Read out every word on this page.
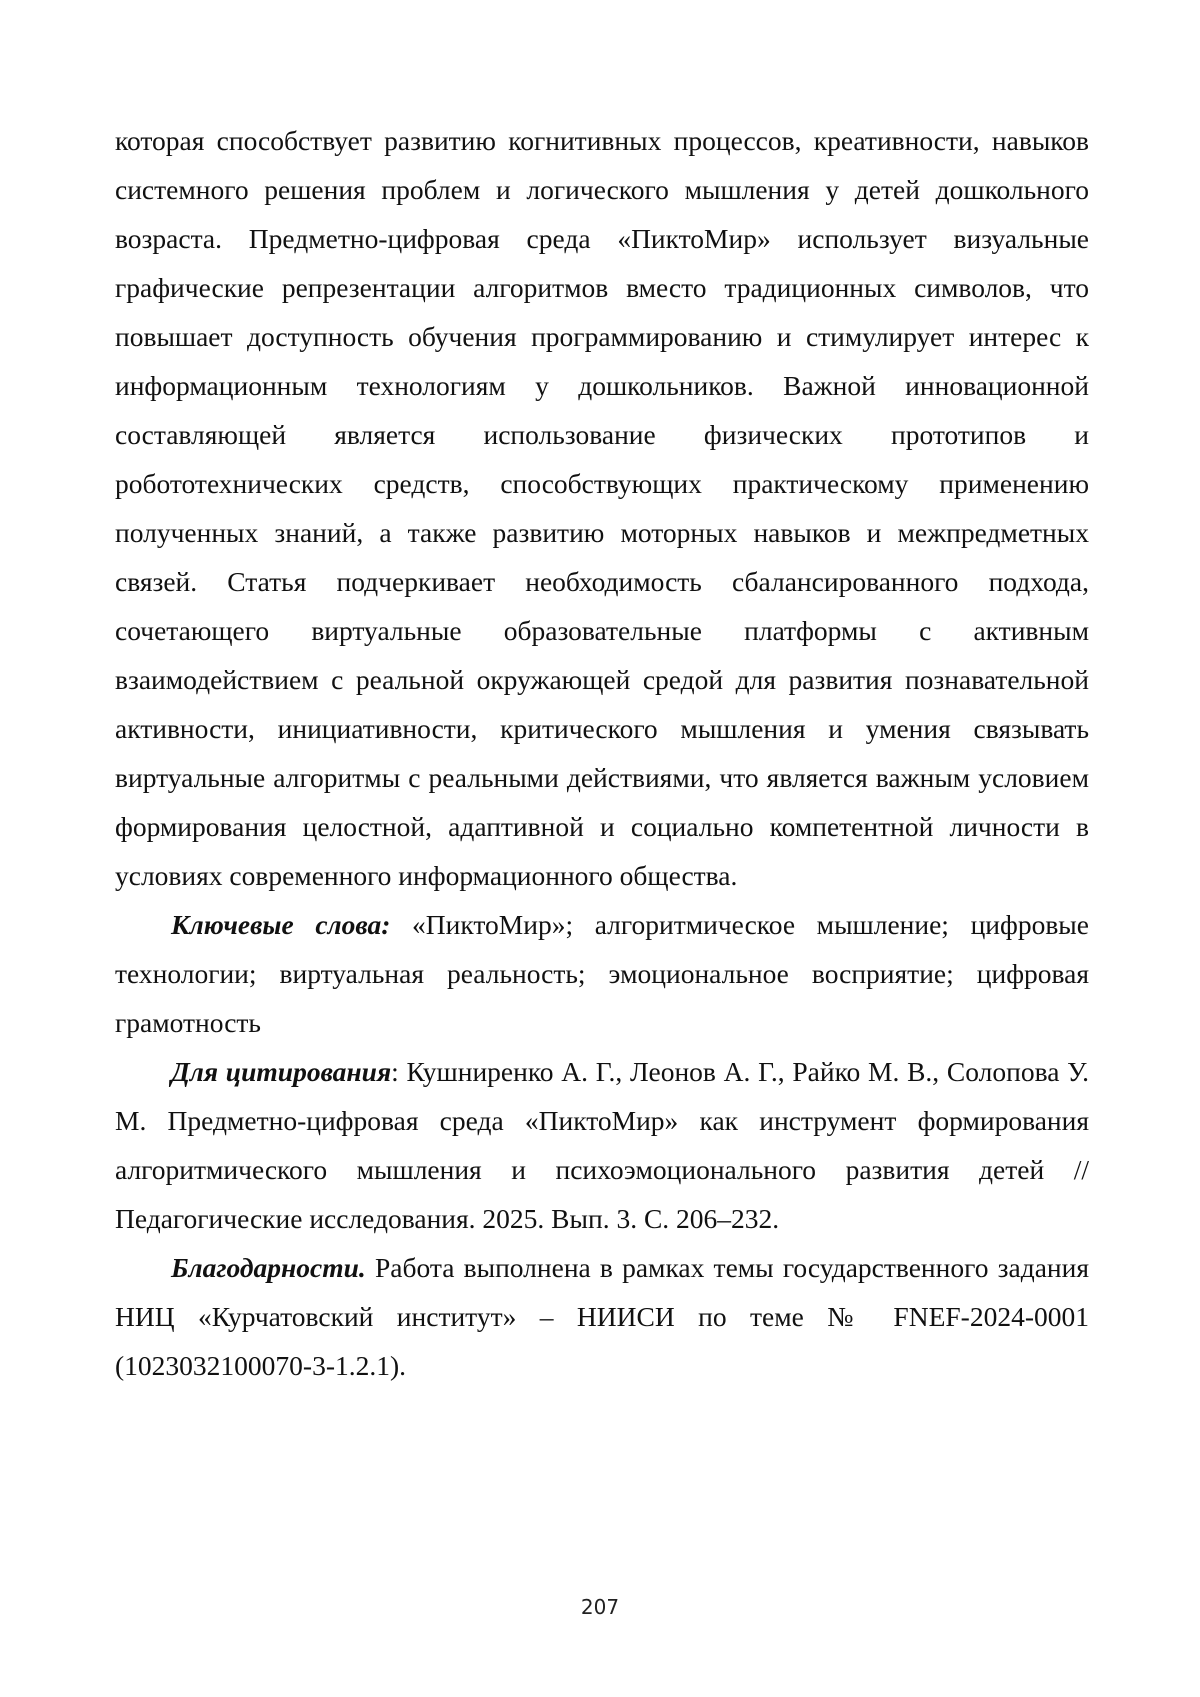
которая способствует развитию когнитивных процессов, креативности, навыков системного решения проблем и логического мышления у детей дошкольного возраста. Предметно-цифровая среда «ПиктоМир» использует визуальные графические репрезентации алгоритмов вместо традиционных символов, что повышает доступность обучения программированию и стимулирует интерес к информационным технологиям у дошкольников. Важной инновационной составляющей является использование физических прототипов и робототехнических средств, способствующих практическому применению полученных знаний, а также развитию моторных навыков и межпредметных связей. Статья подчеркивает необходимость сбалансированного подхода, сочетающего виртуальные образовательные платформы с активным взаимодействием с реальной окружающей средой для развития познавательной активности, инициативности, критического мышления и умения связывать виртуальные алгоритмы с реальными действиями, что является важным условием формирования целостной, адаптивной и социально компетентной личности в условиях современного информационного общества.

Ключевые слова: «ПиктоМир»; алгоритмическое мышление; цифровые технологии; виртуальная реальность; эмоциональное восприятие; цифровая грамотность

Для цитирования: Кушниренко А. Г., Леонов А. Г., Райко М. В., Солопова У. М. Предметно-цифровая среда «ПиктоМир» как инструмент формирования алгоритмического мышления и психоэмоционального развития детей // Педагогические исследования. 2025. Вып. 3. С. 206–232.

Благодарности. Работа выполнена в рамках темы государственного задания НИЦ «Курчатовский институт» – НИИСИ по теме № FNEF-2024-0001 (1023032100070-3-1.2.1).

207
